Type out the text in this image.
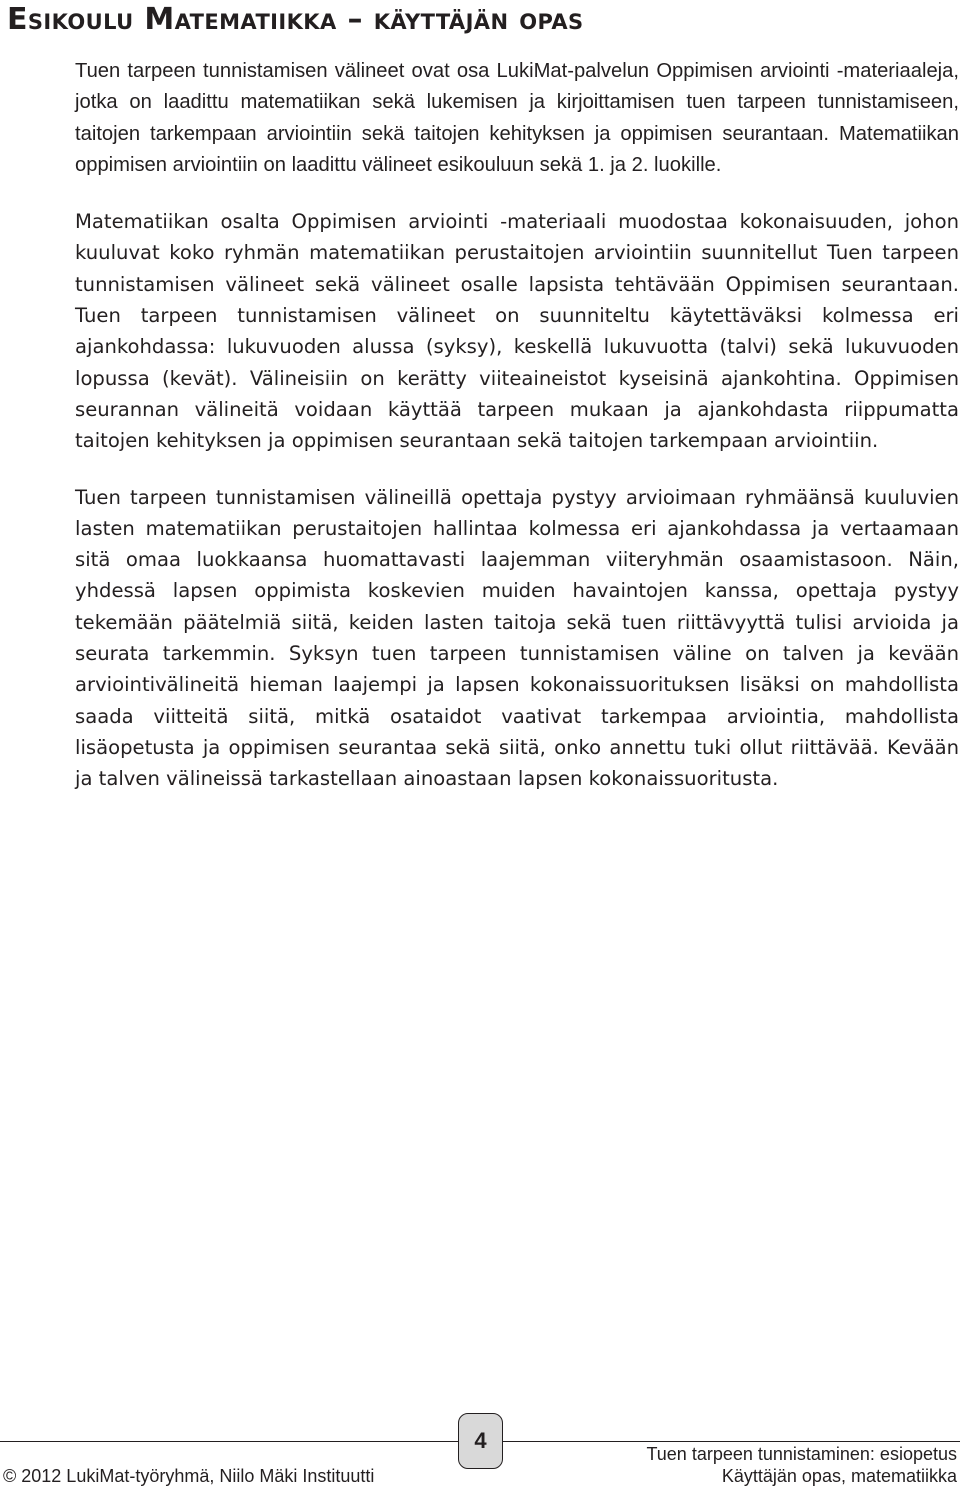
Esikoulu Matematiikka – käyttäjän opas

Tuen tarpeen tunnistamisen välineet ovat osa LukiMat-palvelun Oppimisen arviointi -materiaaleja, jotka on laadittu matematiikan sekä lukemisen ja kirjoittamisen tuen tarpeen tunnistamiseen, taitojen tarkempaan arviointiin sekä taitojen kehityksen ja oppimisen seurantaan. Matematiikan oppimisen arviointiin on laadittu välineet esikouluun sekä 1. ja 2. luokille.

Matematiikan osalta Oppimisen arviointi -materiaali muodostaa kokonaisuuden, johon kuuluvat koko ryhmän matematiikan perustaitojen arviointiin suunnitellut Tuen tarpeen tunnistamisen välineet sekä välineet osalle lapsista tehtävään Oppimisen seurantaan. Tuen tarpeen tunnistamisen välineet on suunniteltu käytettäväksi kolmessa eri ajankohdassa: lukuvuoden alussa (syksy), keskellä lukuvuotta (talvi) sekä lukuvuoden lopussa (kevät). Välineisiin on kerätty viiteaineistot kyseisinä ajankohtina. Oppimisen seurannan välineitä voidaan käyttää tarpeen mukaan ja ajankohdasta riippumatta taitojen kehityksen ja oppimisen seurantaan sekä taitojen tarkempaan arviointiin.

Tuen tarpeen tunnistamisen välineillä opettaja pystyy arvioimaan ryhmäänsä kuuluvien lasten matematiikan perustaitojen hallintaa kolmessa eri ajankohdassa ja vertaamaan sitä omaa luokkaansa huomattavasti laajemman viiteryhmän osaamistasoon. Näin, yhdessä lapsen oppimista koskevien muiden havaintojen kanssa, opettaja pystyy tekemään päätelmiä siitä, keiden lasten taitoja sekä tuen riittävyyttä tulisi arvioida ja seurata tarkemmin. Syksyn tuen tarpeen tunnistamisen väline on talven ja kevään arviointivälineitä hieman laajempi ja lapsen kokonaissuorituksen lisäksi on mahdollista saada viitteitä siitä, mitkä osataidot vaativat tarkempaa arviointia, mahdollista lisäopetusta ja oppimisen seurantaa sekä siitä, onko annettu tuki ollut riittävää. Kevään ja talven välineissä tarkastellaan ainoastaan lapsen kokonaissuoritusta.

4
© 2012 LukiMat-työryhmä, Niilo Mäki Instituutti
Tuen tarpeen tunnistaminen: esiopetus
Käyttäjän opas, matematiikka
